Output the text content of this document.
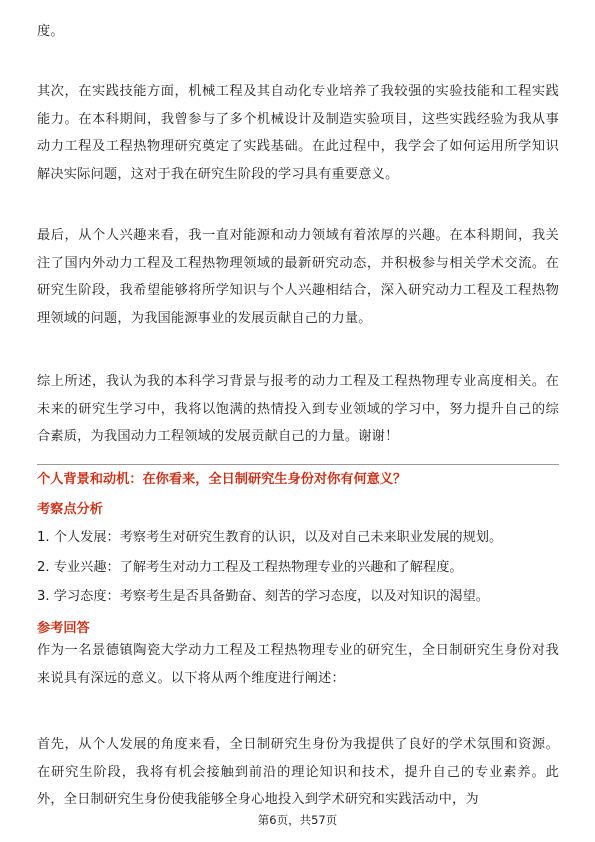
度。

其次，在实践技能方面，机械工程及其自动化专业培养了我较强的实验技能和工程实践能力。在本科期间，我曾参与了多个机械设计及制造实验项目，这些实践经验为我从事动力工程及工程热物理研究奠定了实践基础。在此过程中，我学会了如何运用所学知识解决实际问题，这对于我在研究生阶段的学习具有重要意义。

最后，从个人兴趣来看，我一直对能源和动力领域有着浓厚的兴趣。在本科期间，我关注了国内外动力工程及工程热物理领域的最新研究动态，并积极参与相关学术交流。在研究生阶段，我希望能够将所学知识与个人兴趣相结合，深入研究动力工程及工程热物理领域的问题，为我国能源事业的发展贡献自己的力量。

综上所述，我认为我的本科学习背景与报考的动力工程及工程热物理专业高度相关。在未来的研究生学习中，我将以饱满的热情投入到专业领域的学习中，努力提升自己的综合素质，为我国动力工程领域的发展贡献自己的力量。谢谢！

个人背景和动机：在你看来，全日制研究生身份对你有何意义？

考察点分析

1. 个人发展：考察考生对研究生教育的认识，以及对自己未来职业发展的规划。

2. 专业兴趣：了解考生对动力工程及工程热物理专业的兴趣和了解程度。

3. 学习态度：考察考生是否具备勤奋、刻苦的学习态度，以及对知识的渴望。

参考回答

作为一名景德镇陶瓷大学动力工程及工程热物理专业的研究生，全日制研究生身份对我来说具有深远的意义。以下将从两个维度进行阐述：

首先，从个人发展的角度来看，全日制研究生身份为我提供了良好的学术氛围和资源。在研究生阶段，我将有机会接触到前沿的理论知识和技术，提升自己的专业素养。此外，全日制研究生身份使我能够全身心地投入到学术研究和实践活动中，为

第6页，共57页
